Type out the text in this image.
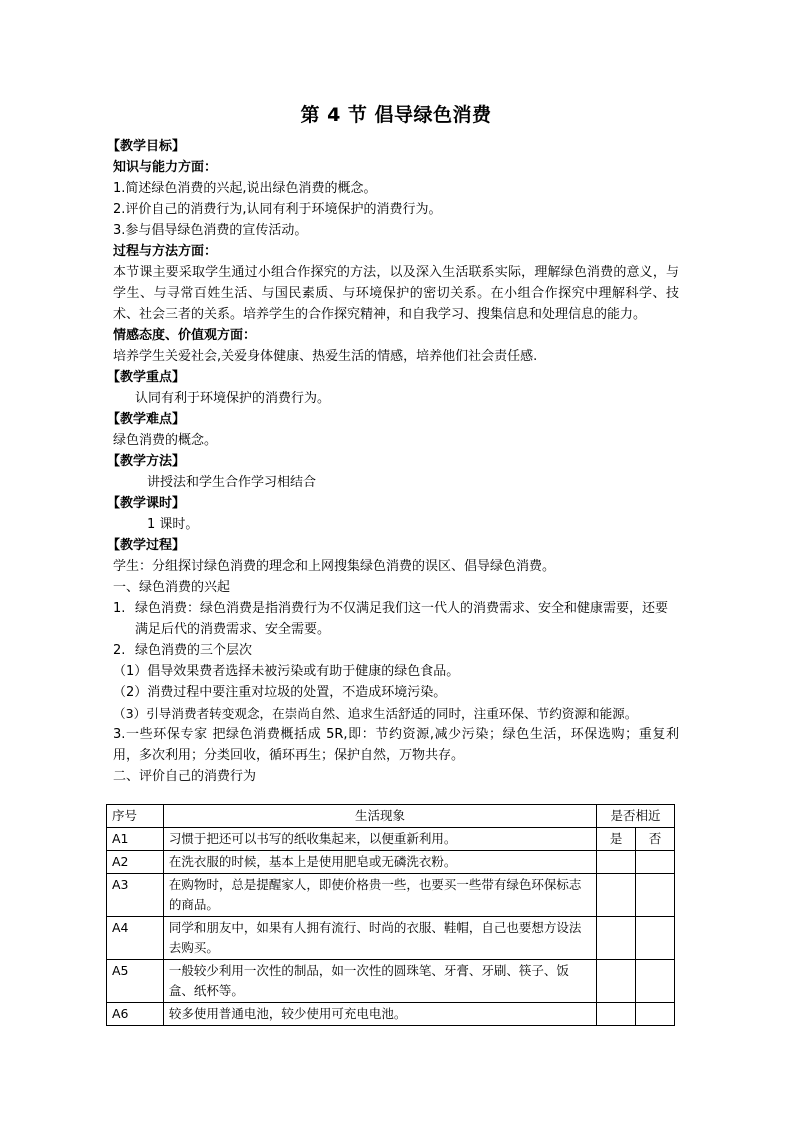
第 4 节 倡导绿色消费

【教学目标】

知识与能力方面：

1.简述绿色消费的兴起,说出绿色消费的概念。

2.评价自己的消费行为,认同有利于环境保护的消费行为。

3.参与倡导绿色消费的宣传活动。

过程与方法方面：

本节课主要采取学生通过小组合作探究的方法，以及深入生活联系实际，理解绿色消费的意义，与学生、与寻常百姓生活、与国民素质、与环境保护的密切关系。在小组合作探究中理解科学、技术、社会三者的关系。培养学生的合作探究精神，和自我学习、搜集信息和处理信息的能力。

情感态度、价值观方面：

培养学生关爱社会,关爱身体健康、热爱生活的情感，培养他们社会责任感.

【教学重点】

认同有利于环境保护的消费行为。

【教学难点】

绿色消费的概念。

【教学方法】

讲授法和学生合作学习相结合

【教学课时】

1 课时。

【教学过程】

学生：分组探讨绿色消费的理念和上网搜集绿色消费的误区、倡导绿色消费。

一、绿色消费的兴起

1. 绿色消费：绿色消费是指消费行为不仅满足我们这一代人的消费需求、安全和健康需要，还要满足后代的消费需求、安全需要。
2. 绿色消费的三个层次

（1）倡导效果费者选择未被污染或有助于健康的绿色食品。

（2）消费过程中要注重对垃圾的处置，不造成环境污染。

（3）引导消费者转变观念，在崇尚自然、追求生活舒适的同时，注重环保、节约资源和能源。

3.一些环保专家 把绿色消费概括成 5R,即：节约资源,减少污染；绿色生活，环保选购；重复利用，多次利用；分类回收，循环再生；保护自然，万物共存。

二、评价自己的消费行为

序号	生活现象	是否相近	
A1	习惯于把还可以书写的纸收集起来，以便重新利用。	是	否
A2	在洗衣服的时候，基本上是使用肥皂或无磷洗衣粉。		
A3	在购物时，总是提醒家人，即使价格贵一些，也要买一些带有绿色环保标志的商品。		
A4	同学和朋友中，如果有人拥有流行、时尚的衣服、鞋帽，自己也要想方设法去购买。		
A5	一般较少利用一次性的制品，如一次性的圆珠笔、牙膏、牙刷、筷子、饭盒、纸杯等。		
A6	较多使用普通电池，较少使用可充电电池。		
